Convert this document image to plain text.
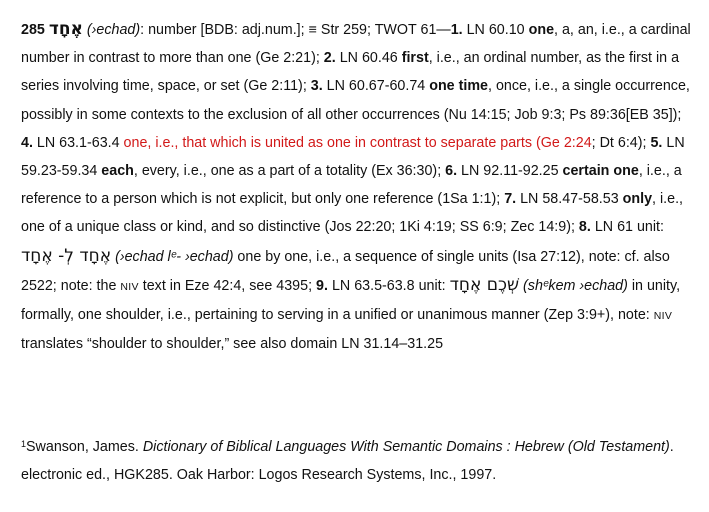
285 אֶחָד (›echad): number [BDB: adj.num.]; ≡ Str 259; TWOT 61—1. LN 60.10 one, a, an, i.e., a cardinal number in contrast to more than one (Ge 2:21); 2. LN 60.46 first, i.e., an ordinal number, as the first in a series involving time, space, or set (Ge 2:11); 3. LN 60.67-60.74 one time, once, i.e., a single occurrence, possibly in some contexts to the exclusion of all other occurrences (Nu 14:15; Job 9:3; Ps 89:36[EB 35]); 4. LN 63.1-63.4 one, i.e., that which is united as one in contrast to separate parts (Ge 2:24; Dt 6:4); 5. LN 59.23-59.34 each, every, i.e., one as a part of a totality (Ex 36:30); 6. LN 92.11-92.25 certain one, i.e., a reference to a person which is not explicit, but only one reference (1Sa 1:1); 7. LN 58.47-58.53 only, i.e., one of a unique class or kind, and so distinctive (Jos 22:20; 1Ki 4:19; SS 6:9; Zec 14:9); 8. LN 61 unit: אֶחָד לְ- אֶחָד (›echad lᵉ- ›echad) one by one, i.e., a sequence of single units (Isa 27:12), note: cf. also 2522; note: the NIV text in Eze 42:4, see 4395; 9. LN 63.5-63.8 unit: שְׁכֶם אֶחָד (shᵉkem ›echad) in unity, formally, one shoulder, i.e., pertaining to serving in a unified or unanimous manner (Zep 3:9+), note: NIV translates “shoulder to shoulder,” see also domain LN 31.14–31.25

$^1$Swanson, James. Dictionary of Biblical Languages With Semantic Domains : Hebrew (Old Testament). electronic ed., HGK285. Oak Harbor: Logos Research Systems, Inc., 1997.
